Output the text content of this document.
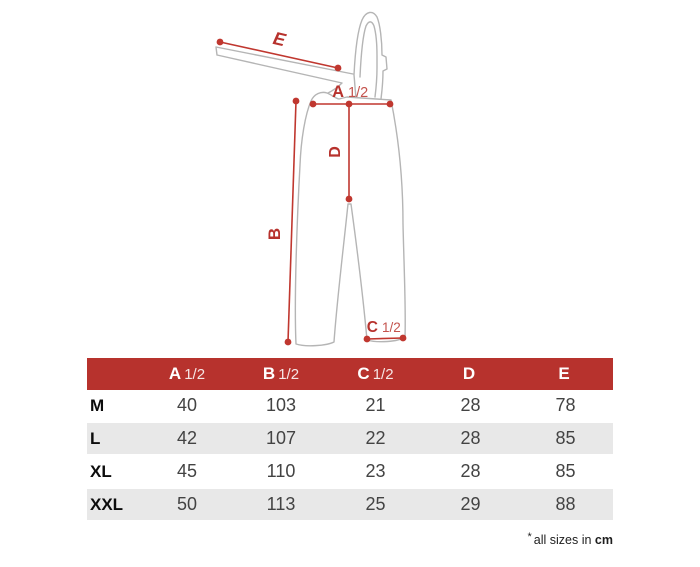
E
A 1/2
D
B
C 1/2
	A 1/2	B 1/2	C 1/2	D	E
M	40	103	21	28	78
L	42	107	22	28	85
XL	45	110	23	28	85
XXL	50	113	25	29	88
* all sizes in cm
